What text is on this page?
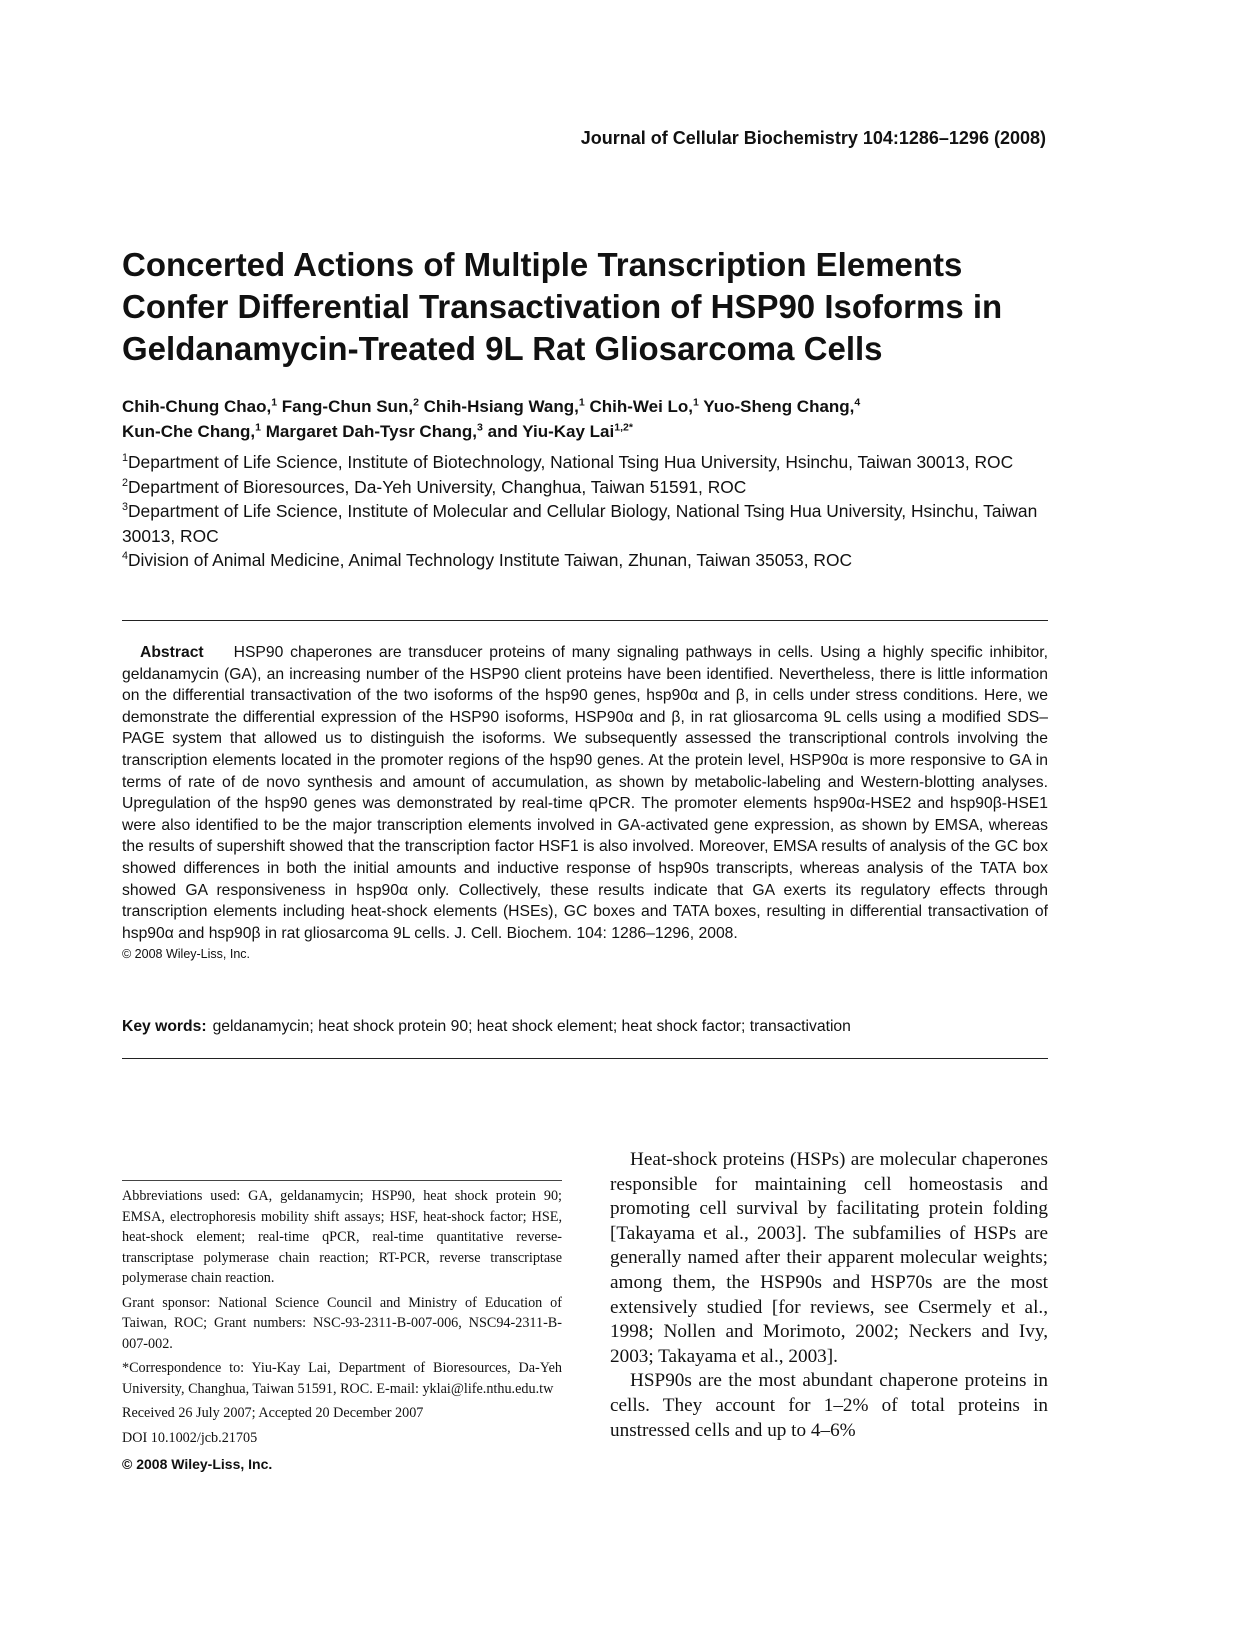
Journal of Cellular Biochemistry 104:1286–1296 (2008)
Concerted Actions of Multiple Transcription Elements
Confer Differential Transactivation of HSP90 Isoforms in
Geldanamycin-Treated 9L Rat Gliosarcoma Cells
Chih-Chung Chao,$^1$ Fang-Chun Sun,$^2$ Chih-Hsiang Wang,$^1$ Chih-Wei Lo,$^1$ Yuo-Sheng Chang,$^4$
Kun-Che Chang,$^1$ Margaret Dah-Tysr Chang,$^3$ and Yiu-Kay Lai$^{1,2*}$

$^1$Department of Life Science, Institute of Biotechnology, National Tsing Hua University, Hsinchu, Taiwan 30013, ROC

$^2$Department of Bioresources, Da-Yeh University, Changhua, Taiwan 51591, ROC

$^3$Department of Life Science, Institute of Molecular and Cellular Biology, National Tsing Hua University, Hsinchu, Taiwan 30013, ROC

$^4$Division of Animal Medicine, Animal Technology Institute Taiwan, Zhunan, Taiwan 35053, ROC

Abstract HSP90 chaperones are transducer proteins of many signaling pathways in cells. Using a highly specific inhibitor, geldanamycin (GA), an increasing number of the HSP90 client proteins have been identified. Nevertheless, there is little information on the differential transactivation of the two isoforms of the hsp90 genes, hsp90α and β, in cells under stress conditions. Here, we demonstrate the differential expression of the HSP90 isoforms, HSP90α and β, in rat gliosarcoma 9L cells using a modified SDS–PAGE system that allowed us to distinguish the isoforms. We subsequently assessed the transcriptional controls involving the transcription elements located in the promoter regions of the hsp90 genes. At the protein level, HSP90α is more responsive to GA in terms of rate of de novo synthesis and amount of accumulation, as shown by metabolic-labeling and Western-blotting analyses. Upregulation of the hsp90 genes was demonstrated by real-time qPCR. The promoter elements hsp90α-HSE2 and hsp90β-HSE1 were also identified to be the major transcription elements involved in GA-activated gene expression, as shown by EMSA, whereas the results of supershift showed that the transcription factor HSF1 is also involved. Moreover, EMSA results of analysis of the GC box showed differences in both the initial amounts and inductive response of hsp90s transcripts, whereas analysis of the TATA box showed GA responsiveness in hsp90α only. Collectively, these results indicate that GA exerts its regulatory effects through transcription elements including heat-shock elements (HSEs), GC boxes and TATA boxes, resulting in differential transactivation of hsp90α and hsp90β in rat gliosarcoma 9L cells. J. Cell. Biochem. 104: 1286–1296, 2008.
© 2008 Wiley-Liss, Inc.
Key words: geldanamycin; heat shock protein 90; heat shock element; heat shock factor; transactivation

Abbreviations used: GA, geldanamycin; HSP90, heat shock protein 90; EMSA, electrophoresis mobility shift assays; HSF, heat-shock factor; HSE, heat-shock element; real-time qPCR, real-time quantitative reverse-transcriptase polymerase chain reaction; RT-PCR, reverse transcriptase polymerase chain reaction.

Grant sponsor: National Science Council and Ministry of Education of Taiwan, ROC; Grant numbers: NSC-93-2311-B-007-006, NSC94-2311-B-007-002.

*Correspondence to: Yiu-Kay Lai, Department of Bioresources, Da-Yeh University, Changhua, Taiwan 51591, ROC. E-mail: yklai@life.nthu.edu.tw

Received 26 July 2007; Accepted 20 December 2007

DOI 10.1002/jcb.21705

© 2008 Wiley-Liss, Inc.

Heat-shock proteins (HSPs) are molecular chaperones responsible for maintaining cell homeostasis and promoting cell survival by facilitating protein folding [Takayama et al., 2003]. The subfamilies of HSPs are generally named after their apparent molecular weights; among them, the HSP90s and HSP70s are the most extensively studied [for reviews, see Csermely et al., 1998; Nollen and Morimoto, 2002; Neckers and Ivy, 2003; Takayama et al., 2003].

HSP90s are the most abundant chaperone proteins in cells. They account for 1–2% of total proteins in unstressed cells and up to 4–6%
